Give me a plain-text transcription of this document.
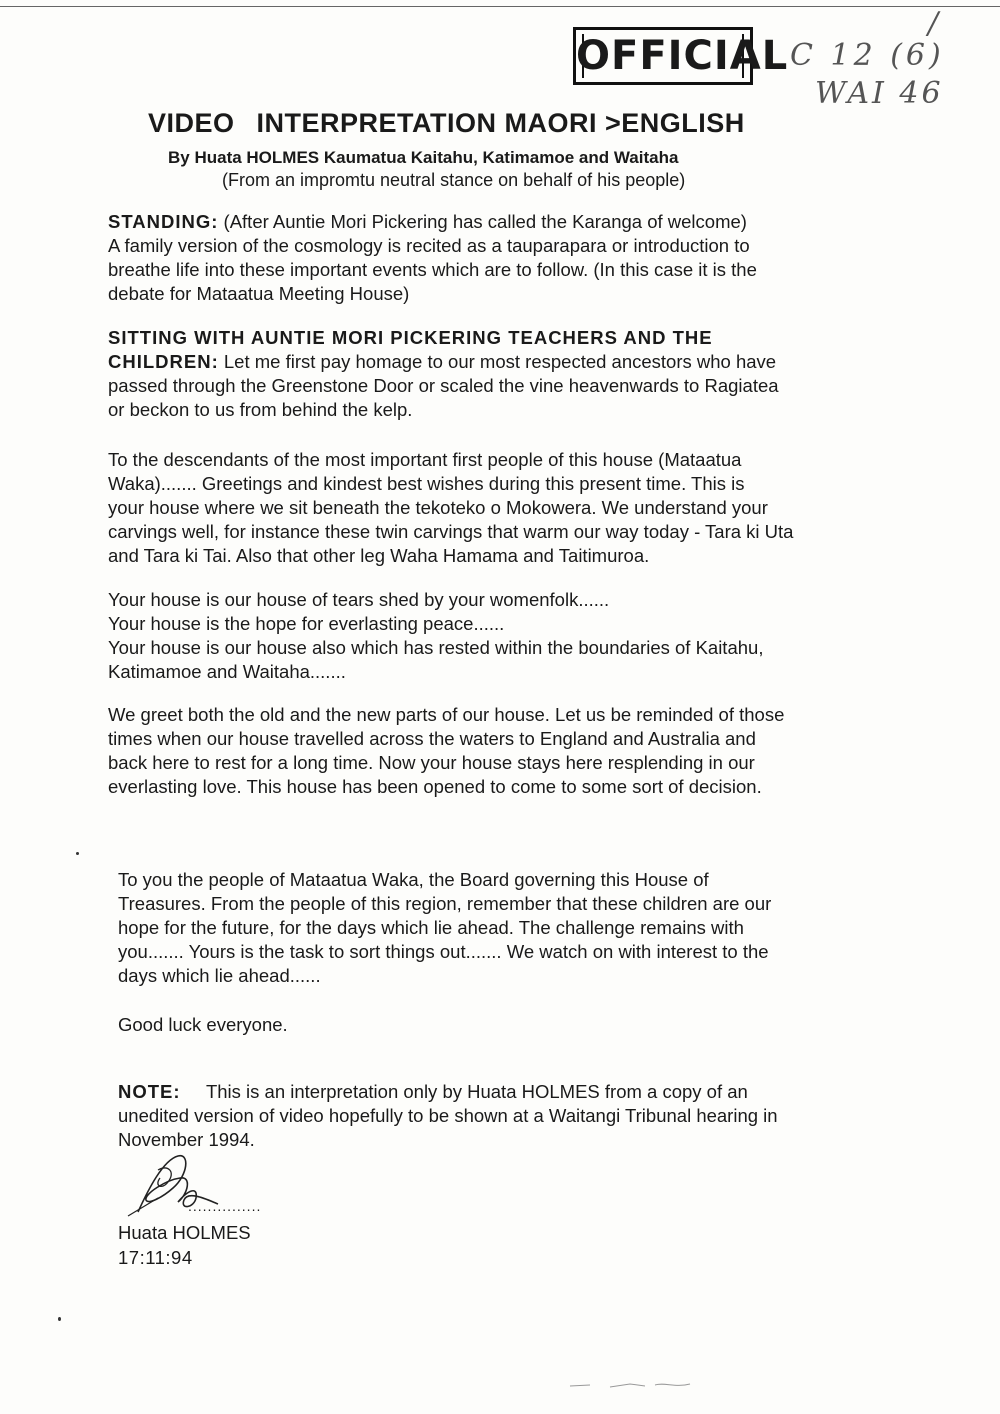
OFFICIAL
/
C 12 (6)
WAI 46
VIDEO INTERPRETATION MAORI >ENGLISH
By Huata HOLMES Kaumatua Kaitahu, Katimamoe and Waitaha
(From an impromtu neutral stance on behalf of his people)
STANDING: (After Auntie Mori Pickering has called the Karanga of welcome)
A family version of the cosmology is recited as a tauparapara or introduction to
breathe life into these important events which are to follow. (In this case it is the
debate for Mataatua Meeting House)
SITTING WITH AUNTIE MORI PICKERING TEACHERS AND THE
CHILDREN: Let me first pay homage to our most respected ancestors who have
passed through the Greenstone Door or scaled the vine heavenwards to Ragiatea
or beckon to us from behind the kelp.
To the descendants of the most important first people of this house (Mataatua
Waka)....... Greetings and kindest best wishes during this present time. This is
your house where we sit beneath the tekoteko o Mokowera. We understand your
carvings well, for instance these twin carvings that warm our way today - Tara ki Uta
and Tara ki Tai. Also that other leg Waha Hamama and Taitimuroa.
Your house is our house of tears shed by your womenfolk......
Your house is the hope for everlasting peace......
Your house is our house also which has rested within the boundaries of Kaitahu,
Katimamoe and Waitaha.......
We greet both the old and the new parts of our house. Let us be reminded of those
times when our house travelled across the waters to England and Australia and
back here to rest for a long time. Now your house stays here resplending in our
everlasting love. This house has been opened to come to some sort of decision.
To you the people of Mataatua Waka, the Board governing this House of
Treasures. From the people of this region, remember that these children are our
hope for the future, for the days which lie ahead. The challenge remains with
you....... Yours is the task to sort things out....... We watch on with interest to the
days which lie ahead......
Good luck everyone.
NOTE: This is an interpretation only by Huata HOLMES from a copy of an
unedited version of video hopefully to be shown at a Waitangi Tribunal hearing in
November 1994.
...............
Huata HOLMES
17:11:94
